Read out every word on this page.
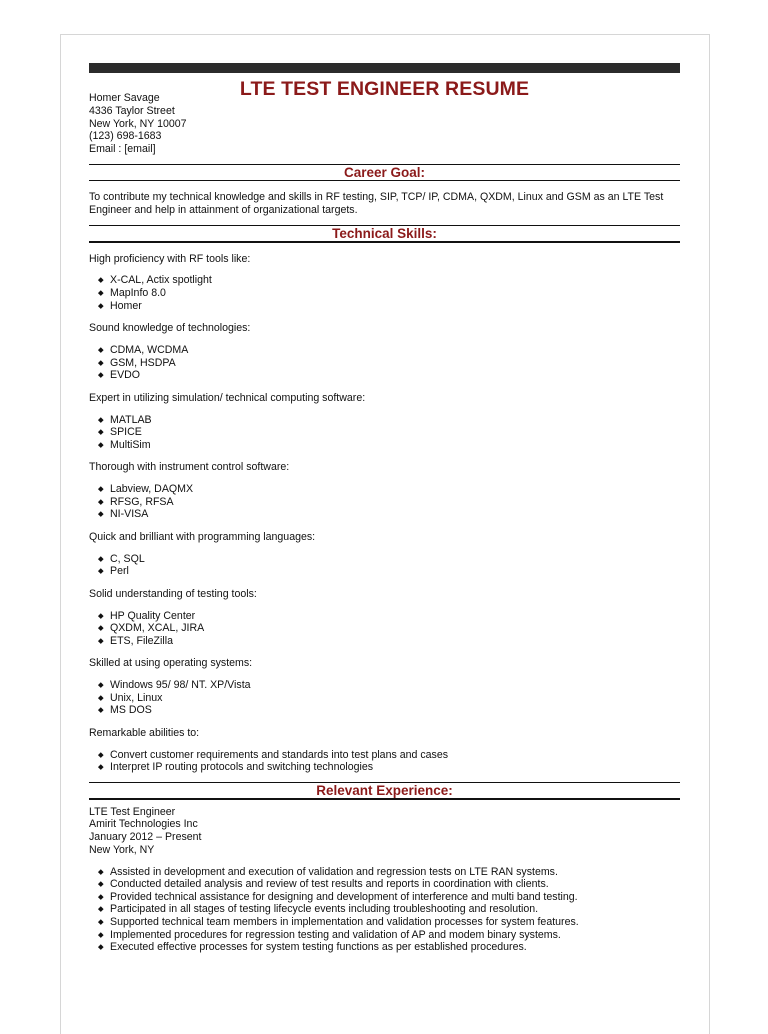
LTE TEST ENGINEER RESUME
Homer Savage
4336 Taylor Street
New York, NY 10007
(123) 698-1683
Email : [email]
Career Goal:
To contribute my technical knowledge and skills in RF testing, SIP, TCP/ IP, CDMA, QXDM, Linux and GSM as an LTE Test Engineer and help in attainment of organizational targets.
Technical Skills:
High proficiency with RF tools like:
X-CAL, Actix spotlight
MapInfo 8.0
Homer
Sound knowledge of technologies:
CDMA, WCDMA
GSM, HSDPA
EVDO
Expert in utilizing simulation/ technical computing software:
MATLAB
SPICE
MultiSim
Thorough with instrument control software:
Labview, DAQMX
RFSG, RFSA
NI-VISA
Quick and brilliant with programming languages:
C, SQL
Perl
Solid understanding of testing tools:
HP Quality Center
QXDM, XCAL, JIRA
ETS, FileZilla
Skilled at using operating systems:
Windows 95/ 98/ NT. XP/Vista
Unix, Linux
MS DOS
Remarkable abilities to:
Convert customer requirements and standards into test plans and cases
Interpret IP routing protocols and switching technologies
Relevant Experience:
LTE Test Engineer
Amirit Technologies Inc
January 2012 – Present
New York, NY
Assisted in development and execution of validation and regression tests on LTE RAN systems.
Conducted detailed analysis and review of test results and reports in coordination with clients.
Provided technical assistance for designing and development of interference and multi band testing.
Participated in all stages of testing lifecycle events including troubleshooting and resolution.
Supported technical team members in implementation and validation processes for system features.
Implemented procedures for regression testing and validation of AP and modem binary systems.
Executed effective processes for system testing functions as per established procedures.
